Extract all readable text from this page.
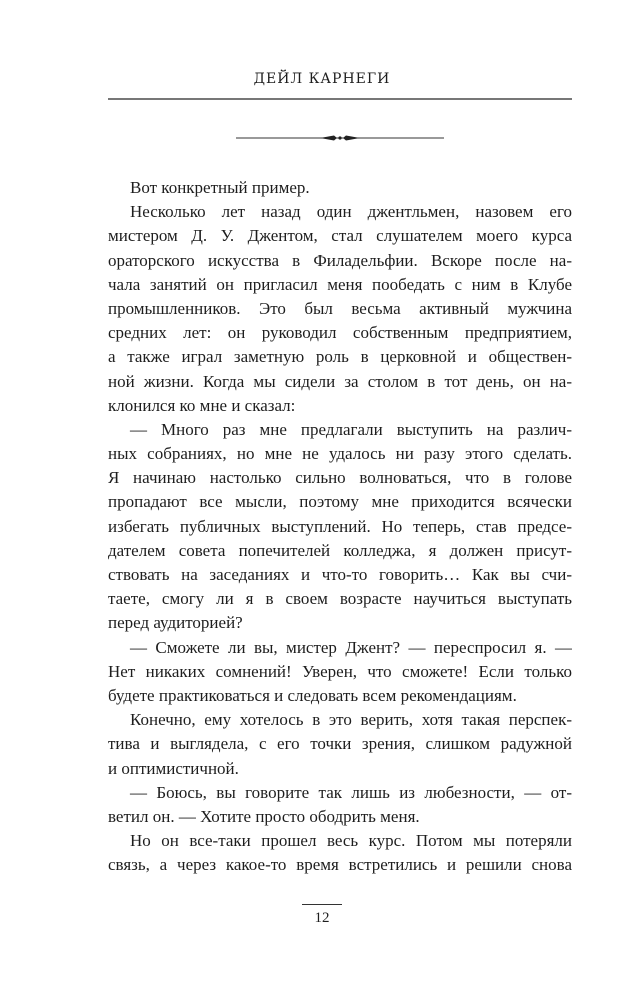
ДЕЙЛ КАРНЕГИ
Вот конкретный пример.
Несколько лет назад один джентльмен, назовем его
мистером Д. У. Джентом, стал слушателем моего курса
ораторского искусства в Филадельфии. Вскоре после на-
чала занятий он пригласил меня пообедать с ним в Клубе
промышленников. Это был весьма активный мужчина
средних лет: он руководил собственным предприятием,
а также играл заметную роль в церковной и обществен-
ной жизни. Когда мы сидели за столом в тот день, он на-
клонился ко мне и сказал:
— Много раз мне предлагали выступить на различ-
ных собраниях, но мне не удалось ни разу этого сделать.
Я начинаю настолько сильно волноваться, что в голове
пропадают все мысли, поэтому мне приходится всячески
избегать публичных выступлений. Но теперь, став предсе-
дателем совета попечителей колледжа, я должен присут-
ствовать на заседаниях и что-то говорить… Как вы счи-
таете, смогу ли я в своем возрасте научиться выступать
перед аудиторией?
— Сможете ли вы, мистер Джент? — переспросил я. —
Нет никаких сомнений! Уверен, что сможете! Если только
будете практиковаться и следовать всем рекомендациям.
Конечно, ему хотелось в это верить, хотя такая перспек-
тива и выглядела, с его точки зрения, слишком радужной
и оптимистичной.
— Боюсь, вы говорите так лишь из любезности, — от-
ветил он. — Хотите просто ободрить меня.
Но он все-таки прошел весь курс. Потом мы потеряли
связь, а через какое-то время встретились и решили снова
12
